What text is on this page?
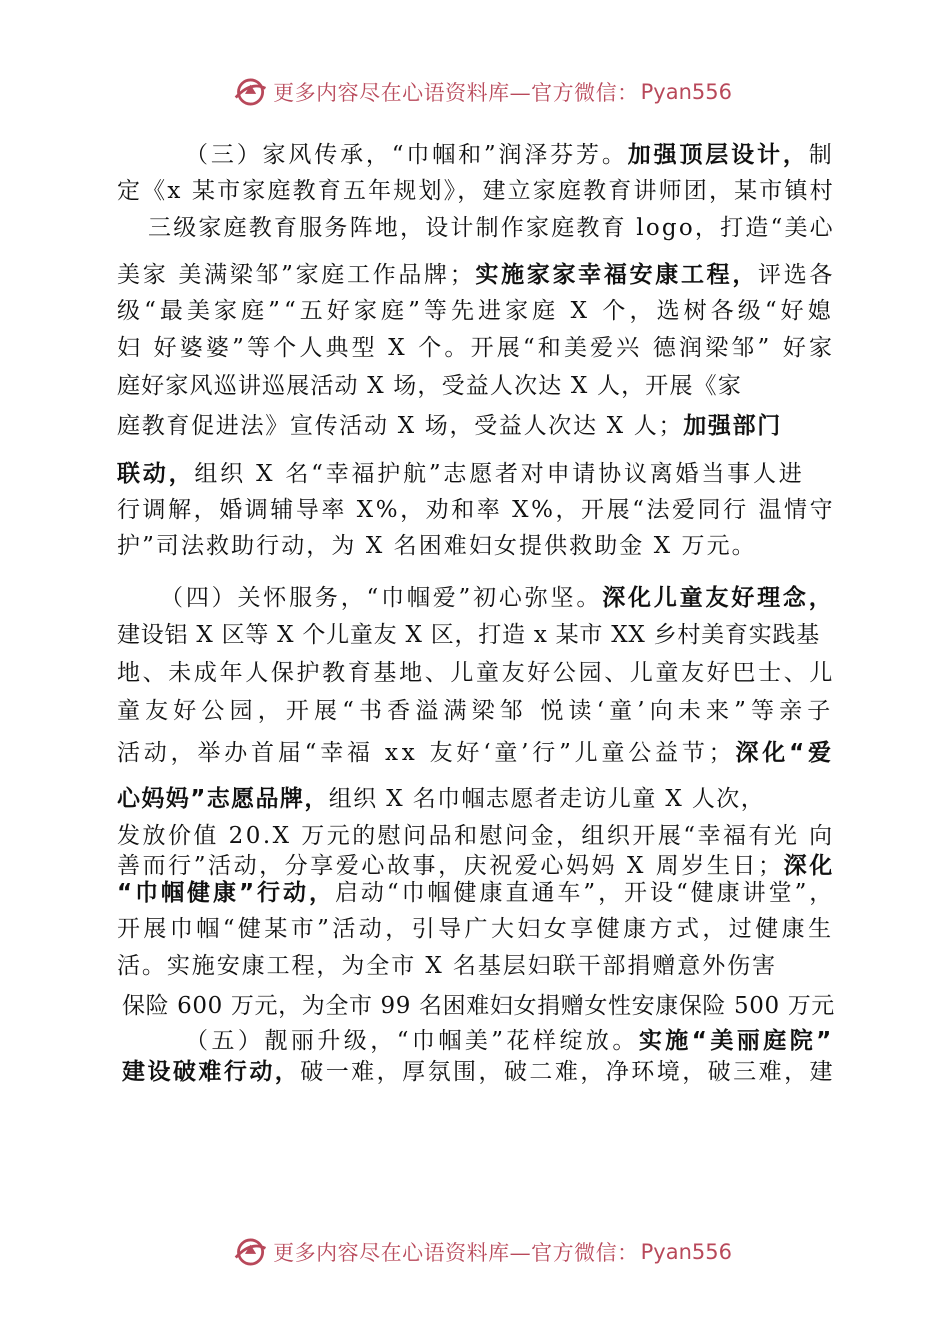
更多内容尽在心语资料库—官方微信： Pyan556
（三）家风传承，“巾帼和”润泽芬芳。加强顶层设计，制
定《x 某市家庭教育五年规划》，建立家庭教育讲师团，某市镇村
三级家庭教育服务阵地，设计制作家庭教育 logo，打造“美心
美家 美满梁邹”家庭工作品牌；实施家家幸福安康工程，评选各
级“最美家庭”“五好家庭”等先进家庭 X 个，选树各级“好媳
妇 好婆婆”等个人典型 X 个。开展“和美爱兴 德润梁邹” 好家
庭好家风巡讲巡展活动 X 场，受益人次达 X 人，开展《家
庭教育促进法》宣传活动 X 场，受益人次达 X 人；加强部门
联动，组织 X 名“幸福护航”志愿者对申请协议离婚当事人进
行调解，婚调辅导率 X%，劝和率 X%，开展“法爱同行 温情守
护”司法救助行动，为 X 名困难妇女提供救助金 X 万元。
（四）关怀服务，“巾帼爱”初心弥坚。深化儿童友好理念，
建设铝 X 区等 X 个儿童友 X 区，打造 x 某市 XX 乡村美育实践基
地、未成年人保护教育基地、儿童友好公园、儿童友好巴士、儿
童友好公园，开展“书香溢满梁邹 悦读‘童’向未来”等亲子
活动，举办首届“幸福 xx 友好‘童’行”儿童公益节；深化“爱
心妈妈”志愿品牌，组织 X 名巾帼志愿者走访儿童 X 人次，
发放价值 20.X 万元的慰问品和慰问金，组织开展“幸福有光 向
善而行”活动，分享爱心故事，庆祝爱心妈妈 X 周岁生日；深化
“巾帼健康”行动，启动“巾帼健康直通车”，开设“健康讲堂”，
开展巾帼“健某市”活动，引导广大妇女享健康方式，过健康生
活。实施安康工程，为全市 X 名基层妇联干部捐赠意外伤害
保险 600 万元，为全市 99 名困难妇女捐赠女性安康保险 500 万元
（五）靓丽升级，“巾帼美”花样绽放。实施“美丽庭院”
建设破难行动，破一难，厚氛围，破二难，净环境，破三难，建
更多内容尽在心语资料库—官方微信： Pyan556
